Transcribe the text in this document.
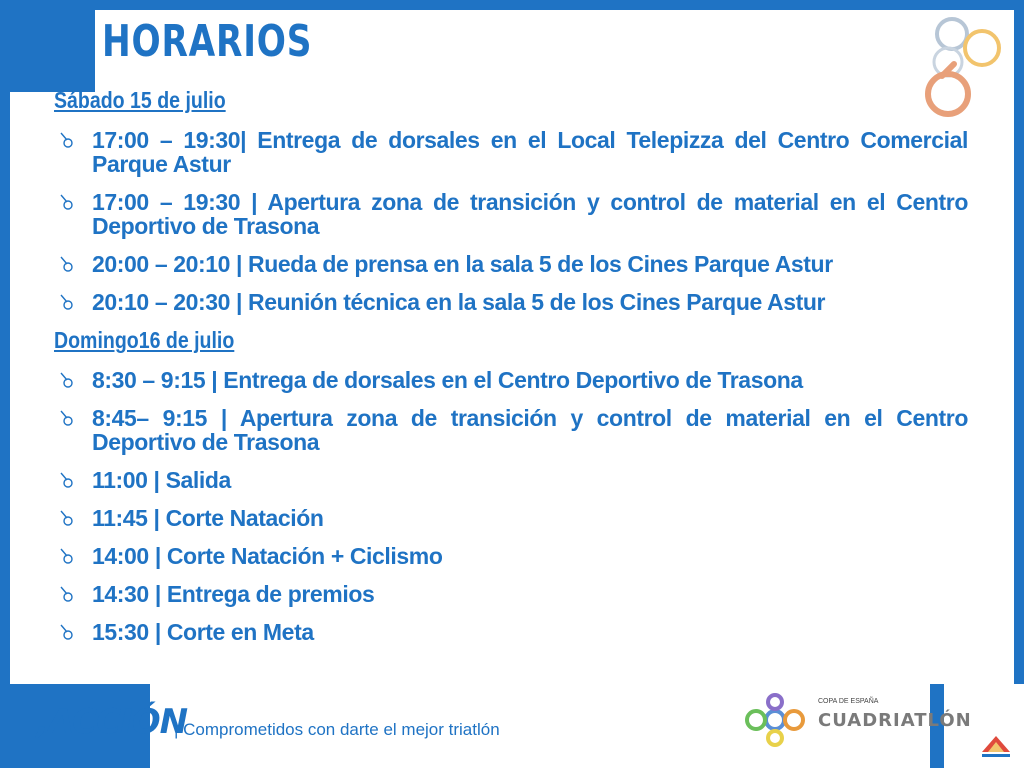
HORARIOS
Sábado 15 de julio
17:00 – 19:30| Entrega de dorsales en el Local Telepizza del Centro Comercial Parque Astur
17:00 – 19:30 | Apertura zona de transición y control de material en el Centro Deportivo de Trasona
20:00 – 20:10 | Rueda de prensa en la sala 5 de los Cines Parque Astur
20:10 – 20:30 | Reunión técnica en la sala 5 de los Cines Parque Astur
Domingo16 de julio
8:30 – 9:15 | Entrega de dorsales en el Centro Deportivo de Trasona
8:45– 9:15 | Apertura zona de transición y control de material en el Centro Deportivo de Trasona
11:00 | Salida
11:45 | Corte Natación
14:00 | Corte Natación + Ciclismo
14:30 | Entrega de premios
15:30 | Corte en Meta
,ACCIÓN
| Comprometidos con darte el mejor triatlón
COPA DE ESPAÑA
CUADRIATLÓN
